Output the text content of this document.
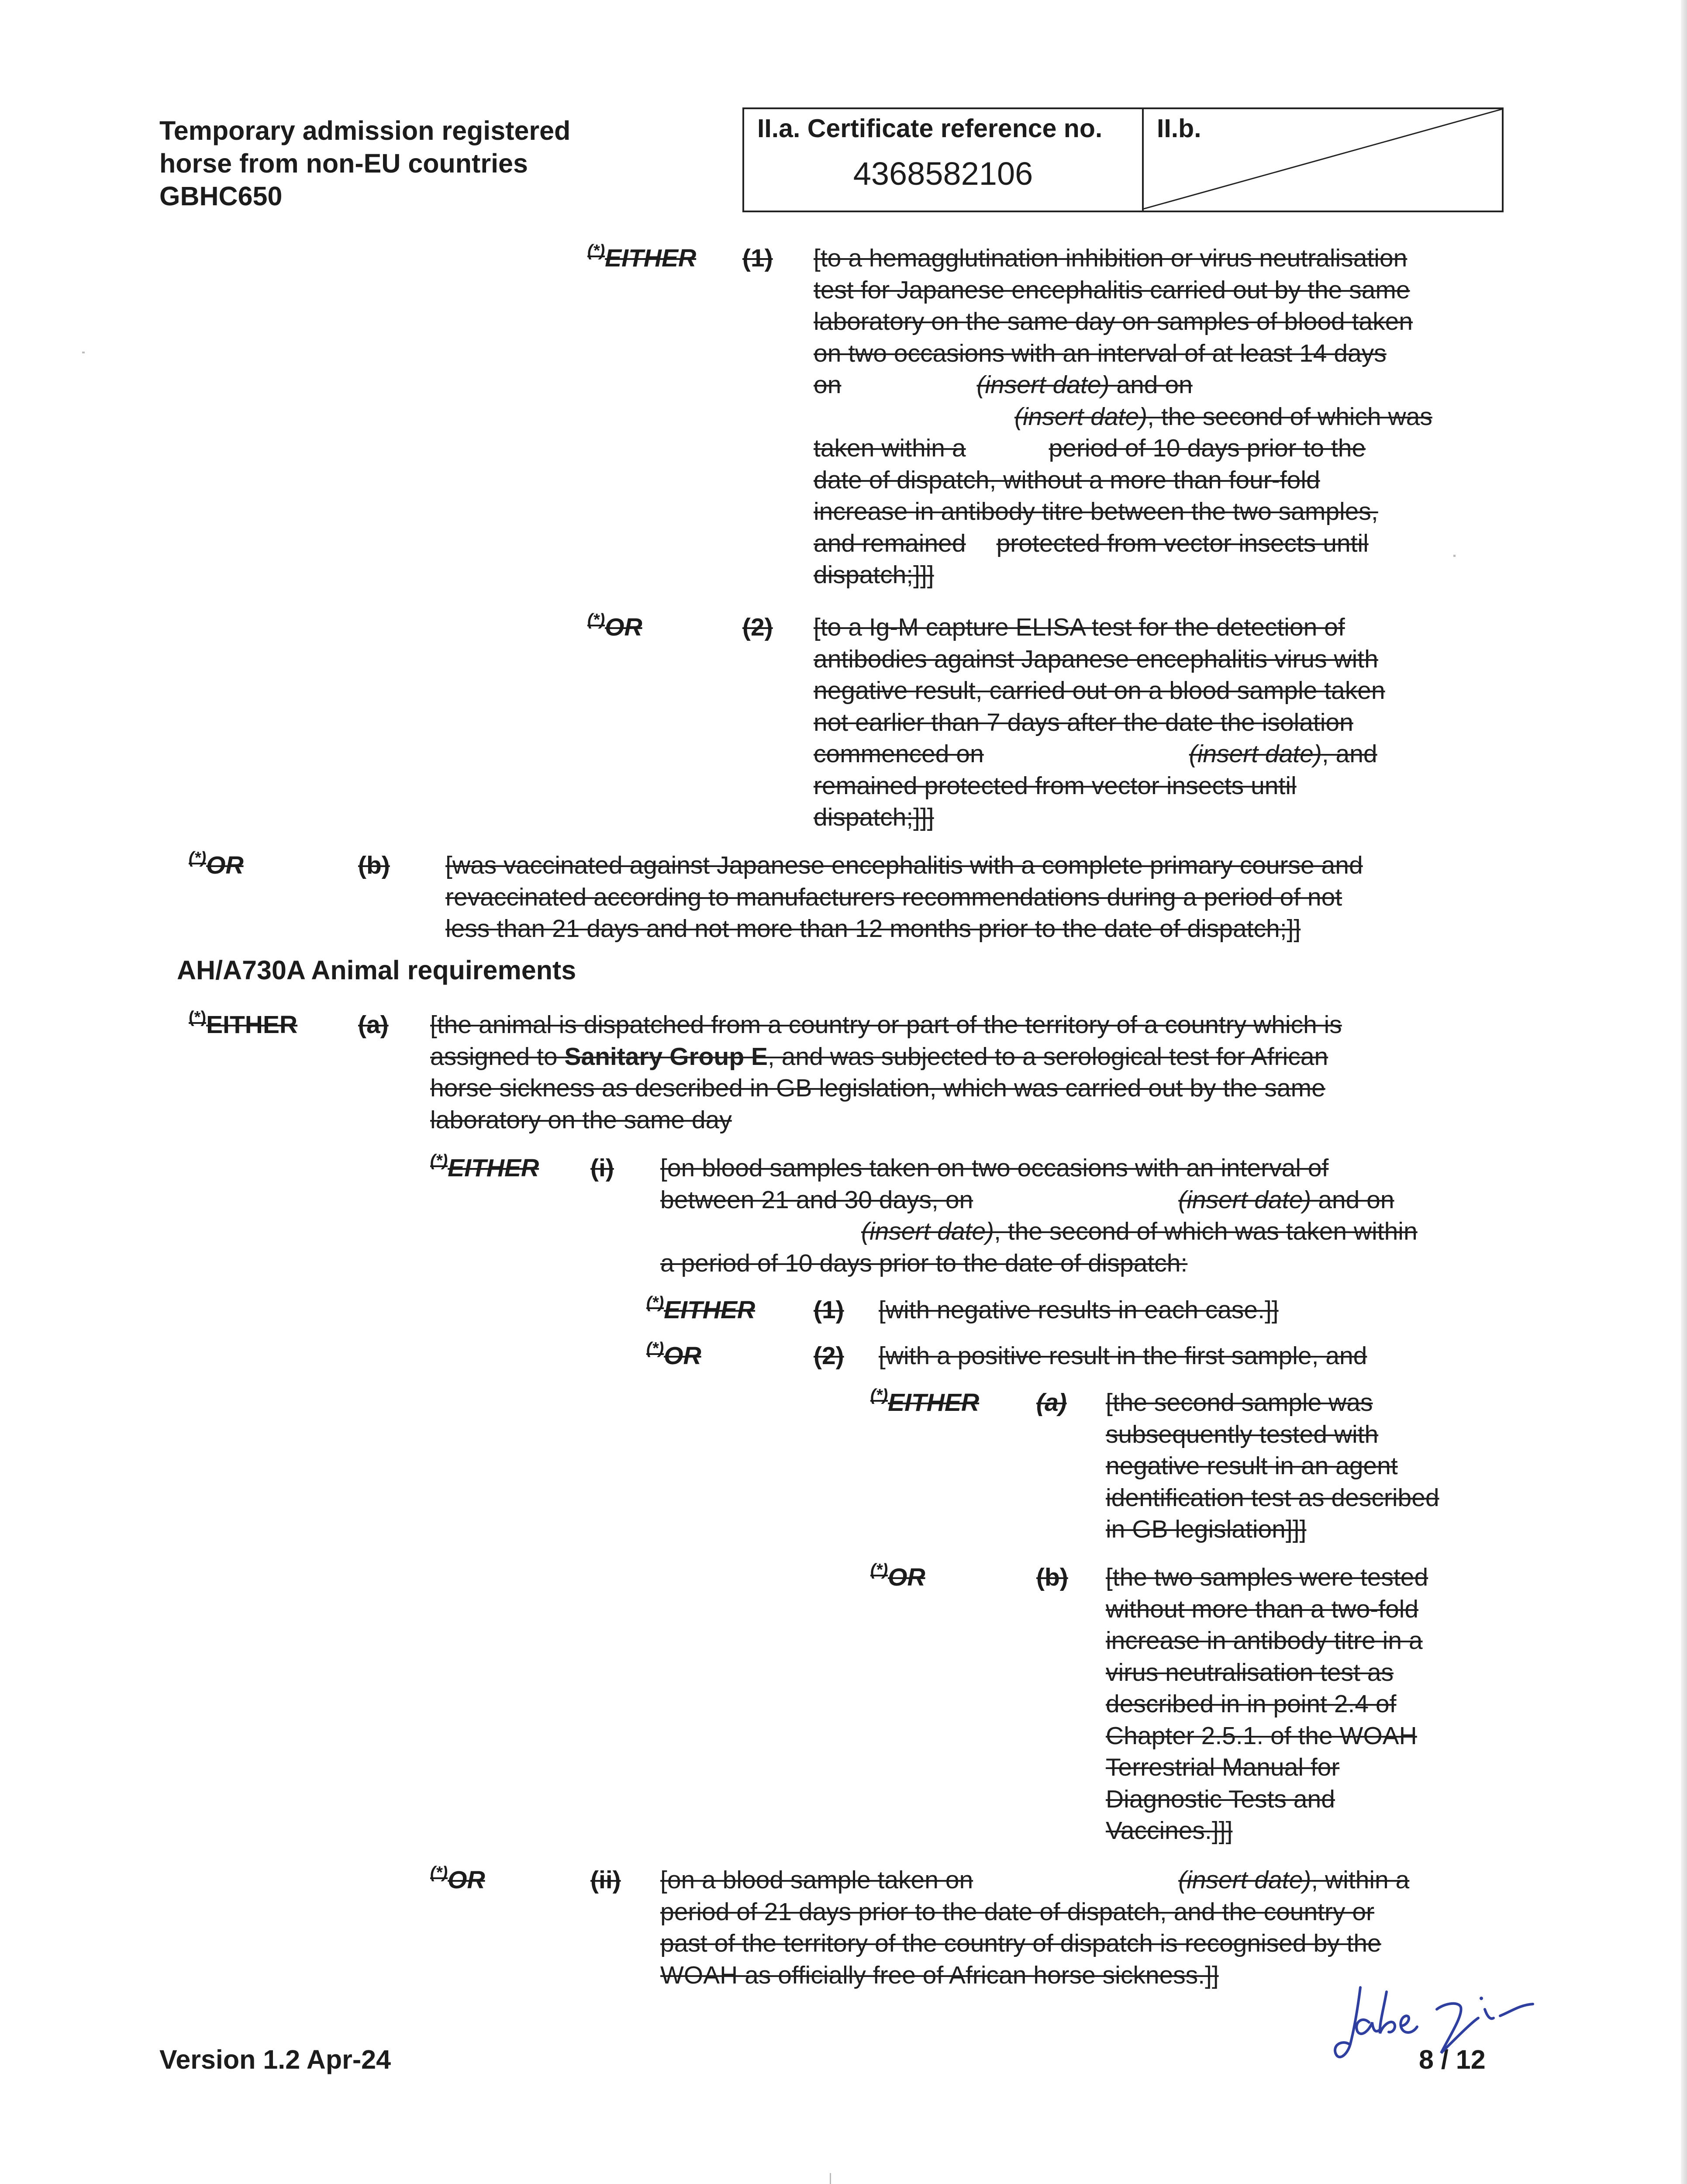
Temporary admission registered
horse from non-EU countries
GBHC650
II.a. Certificate reference no.
4368582106
II.b.
(*)EITHER (1) [to a hemagglutination inhibition or virus neutralisation
test for Japanese encephalitis carried out by the same
laboratory on the same day on samples of blood taken
on two occasions with an interval of at least 14 days
on	(insert date) and on
(insert date), the second of which was
taken within a	period of 10 days prior to the
date of dispatch, without a more than four-fold
increase in antibody titre between the two samples,
and remained protected from vector insects until
dispatch;]]]
(*)OR	(2) [to a Ig-M capture ELISA test for the detection of
antibodies against Japanese encephalitis virus with
negative result, carried out on a blood sample taken
not earlier than 7 days after the date the isolation
commenced on	(insert date), and
remained protected from vector insects until
dispatch;]]]
(*)OR	(b) [was vaccinated against Japanese encephalitis with a complete primary course and
revaccinated according to manufacturers recommendations during a period of not
less than 21 days and not more than 12 months prior to the date of dispatch;]]
AH/A730A Animal requirements
(*)EITHER (a) [the animal is dispatched from a country or part of the territory of a country which is
assigned to Sanitary Group E, and was subjected to a serological test for African
horse sickness as described in GB legislation, which was carried out by the same
laboratory on the same day
(*)EITHER (i) [on blood samples taken on two occasions with an interval of
between 21 and 30 days, on	(insert date) and on
(insert date), the second of which was taken within
a period of 10 days prior to the date of dispatch:
(*)EITHER (1) [with negative results in each case.]]
(*)OR	(2) [with a positive result in the first sample, and
(*)EITHER (a) [the second sample was
subsequently tested with
negative result in an agent
identification test as described
in GB legislation]]]
(*)OR	(b) [the two samples were tested
without more than a two-fold
increase in antibody titre in a
virus neutralisation test as
described in in point 2.4 of
Chapter 2.5.1. of the WOAH
Terrestrial Manual for
Diagnostic Tests and
Vaccines.]]]
(*)OR	(ii) [on a blood sample taken on	(insert date), within a
period of 21 days prior to the date of dispatch, and the country or
past of the territory of the country of dispatch is recognised by the
WOAH as officially free of African horse sickness.]]
Version 1.2 Apr-24	8 / 12
